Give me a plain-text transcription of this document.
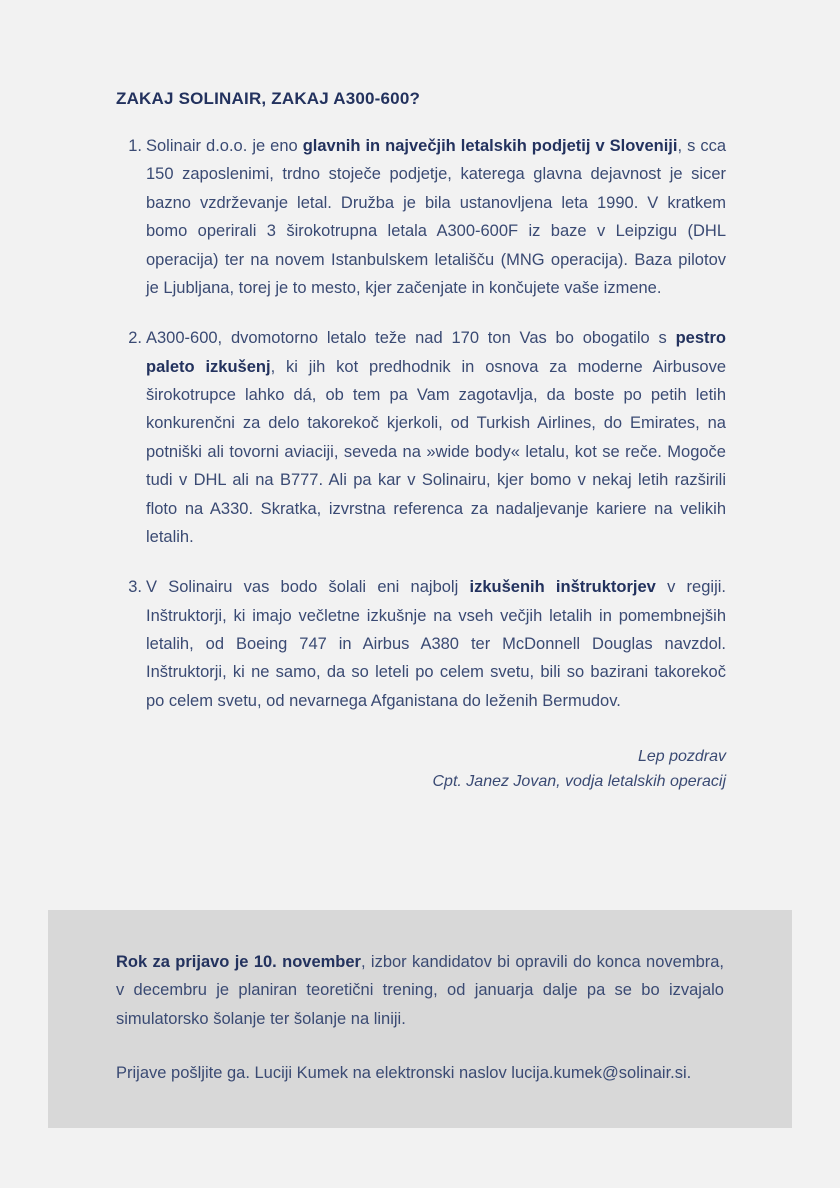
ZAKAJ SOLINAIR, ZAKAJ A300-600?
Solinair d.o.o. je eno glavnih in največjih letalskih podjetij v Sloveniji, s cca 150 zaposlenimi, trdno stoječe podjetje, katerega glavna dejavnost je sicer bazno vzdrževanje letal. Družba je bila ustanovljena leta 1990. V kratkem bomo operirali 3 širokotrupna letala A300-600F iz baze v Leipzigu (DHL operacija) ter na novem Istanbulskem letališču (MNG operacija). Baza pilotov je Ljubljana, torej je to mesto, kjer začenjate in končujete vaše izmene.
A300-600, dvomotorno letalo teže nad 170 ton Vas bo obogatilo s pestro paleto izkušenj, ki jih kot predhodnik in osnova za moderne Airbusove širokotrupce lahko dá, ob tem pa Vam zagotavlja, da boste po petih letih konkurenčni za delo takorekoč kjerkoli, od Turkish Airlines, do Emirates, na potniški ali tovorni aviaciji, seveda na »wide body« letalu, kot se reče. Mogoče tudi v DHL ali na B777. Ali pa kar v Solinairu, kjer bomo v nekaj letih razširili floto na A330. Skratka, izvrstna referenca za nadaljevanje kariere na velikih letalih.
V Solinairu vas bodo šolali eni najbolj izkušenih inštruktorjev v regiji. Inštruktorji, ki imajo večletne izkušnje na vseh večjih letalih in pomembnejših letalih, od Boeing 747 in Airbus A380 ter McDonnell Douglas navzdol. Inštruktorji, ki ne samo, da so leteli po celem svetu, bili so bazirani takorekoč po celem svetu, od nevarnega Afganistana do leženih Bermudov.
Lep pozdrav
Cpt. Janez Jovan, vodja letalskih operacij

Rok za prijavo je 10. november, izbor kandidatov bi opravili do konca novembra, v decembru je planiran teoretični trening, od januarja dalje pa se bo izvajalo simulatorsko šolanje ter šolanje na liniji.

Prijave pošljite ga. Luciji Kumek na elektronski naslov lucija.kumek@solinair.si.
